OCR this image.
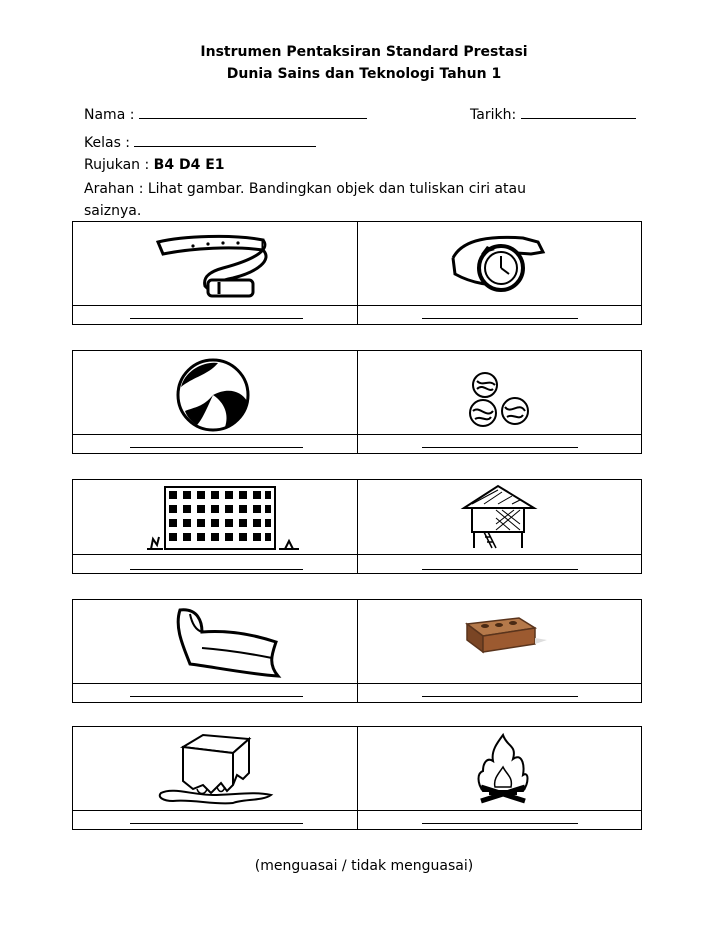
Instrumen Pentaksiran Standard Prestasi
Dunia Sains dan Teknologi Tahun 1
Nama :	Tarikh:
Kelas :
Rujukan : B4 D4 E1
Arahan : Lihat gambar. Bandingkan objek dan tuliskan ciri atau
saiznya.
(menguasai / tidak menguasai)
